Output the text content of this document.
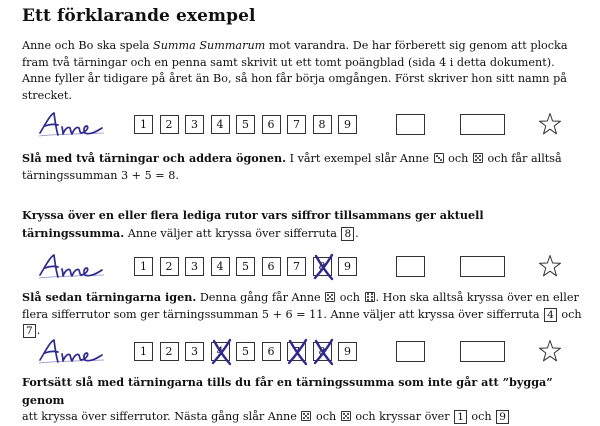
Ett förklarande exempel

Anne och Bo ska spela Summa Summarum mot varandra. De har förberett sig genom att plocka fram två tärningar och en penna samt skrivit ut ett tomt poängblad (sida 4 i detta dokument). Anne fyller år tidigare på året än Bo, så hon får börja omgången. Först skriver hon sitt namn på strecket.

1	2	3	4	5	6	7	8	9

Slå med två tärningar och addera ögonen. I vårt exempel slår Anne
och
och får alltså tärningssumman 3 + 5 = 8.

Kryssa över en eller flera lediga rutor vars siffror tillsammans ger aktuell tärningssumma. Anne väljer att kryssa över sifferruta 8 .

1	2	3	4	5	6	7	8	9

Slå sedan tärningarna igen. Denna gång får Anne
och
. Hon ska alltså kryssa över en eller flera sifferrutor som ger tärningssumman 5 + 6 = 11. Anne väljer att kryssa över sifferruta 4 och 7 .

1	2	3	4	5	6	7	8	9

Fortsätt slå med tärningarna tills du får en tärningssumma som inte går att ”bygga” genom
att kryssa över sifferrutor. Nästa gång slår Anne
och
och kryssar över 1 och 9
